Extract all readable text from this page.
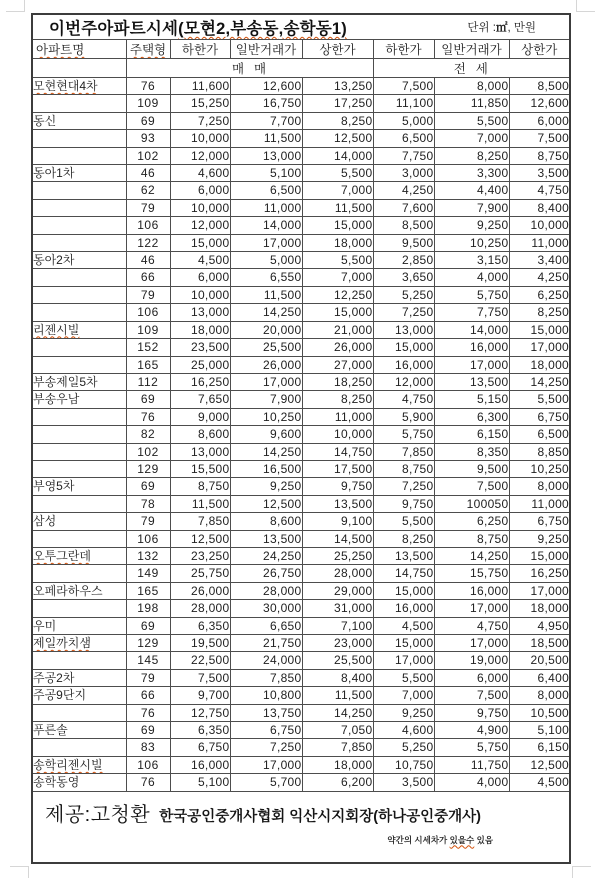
이번주아파트시세(모현2,부송동,송학동1) 단위 :㎡, 만원							

아파트명	주택형	하한가	일반거래가	상한가	하한가	일반거래가	상한가
	매  매				전  세		
모현현대4차	76	11,600	12,600	13,250	7,500	8,000	8,500
	109	15,250	16,750	17,250	11,100	11,850	12,600
동신	69	7,250	7,700	8,250	5,000	5,500	6,000
	93	10,000	11,500	12,500	6,500	7,000	7,500
	102	12,000	13,000	14,000	7,750	8,250	8,750
동아1차	46	4,600	5,100	5,500	3,000	3,300	3,500
	62	6,000	6,500	7,000	4,250	4,400	4,750
	79	10,000	11,000	11,500	7,600	7,900	8,400
	106	12,000	14,000	15,000	8,500	9,250	10,000
	122	15,000	17,000	18,000	9,500	10,250	11,000
동아2차	46	4,500	5,000	5,500	2,850	3,150	3,400
	66	6,000	6,550	7,000	3,650	4,000	4,250
	79	10,000	11,500	12,250	5,250	5,750	6,250
	106	13,000	14,250	15,000	7,250	7,750	8,250
리젠시빌	109	18,000	20,000	21,000	13,000	14,000	15,000
	152	23,500	25,500	26,000	15,000	16,000	17,000
	165	25,000	26,000	27,000	16,000	17,000	18,000
부송제일5차	112	16,250	17,000	18,250	12,000	13,500	14,250
부송우남	69	7,650	7,900	8,250	4,750	5,150	5,500
	76	9,000	10,250	11,000	5,900	6,300	6,750
	82	8,600	9,600	10,000	5,750	6,150	6,500
	102	13,000	14,250	14,750	7,850	8,350	8,850
	129	15,500	16,500	17,500	8,750	9,500	10,250
부영5차	69	8,750	9,250	9,750	7,250	7,500	8,000
	78	11,500	12,500	13,500	9,750	100050	11,000
삼성	79	7,850	8,600	9,100	5,500	6,250	6,750
	106	12,500	13,500	14,500	8,250	8,750	9,250
오투그란데	132	23,250	24,250	25,250	13,500	14,250	15,000
	149	25,750	26,750	28,000	14,750	15,750	16,250
오페라하우스	165	26,000	28,000	29,000	15,000	16,000	17,000
	198	28,000	30,000	31,000	16,000	17,000	18,000
우미	69	6,350	6,650	7,100	4,500	4,750	4,950
제일까치샘	129	19,500	21,750	23,000	15,000	17,000	18,500
	145	22,500	24,000	25,500	17,000	19,000	20,500
주공2차	79	7,500	7,850	8,400	5,500	6,000	6,400
주공9단지	66	9,700	10,800	11,500	7,000	7,500	8,000
	76	12,750	13,750	14,250	9,250	9,750	10,500
푸른솔	69	6,350	6,750	7,050	4,600	4,900	5,100
	83	6,750	7,250	7,850	5,250	5,750	6,150
송학리젠시빌	106	16,000	17,000	18,000	10,750	11,750	12,500
송학동영	76	5,100	5,700	6,200	3,500	4,000	4,500

제공:고청환 한국공인중개사협회 익산시지회장(하나공인중개사)
약간의 시세차가 있을수 있음							
